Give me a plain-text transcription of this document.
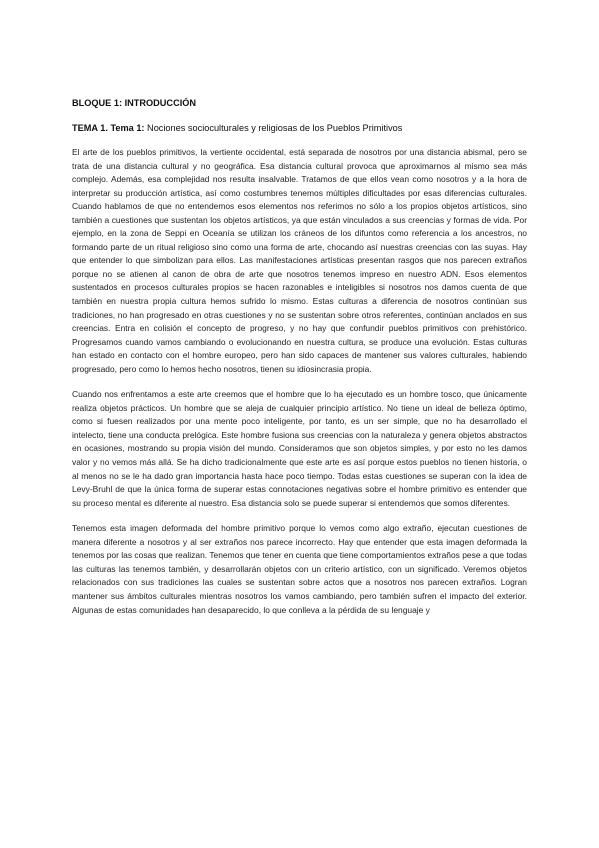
BLOQUE 1: INTRODUCCIÓN

TEMA 1. Tema 1: Nociones socioculturales y religiosas de los Pueblos Primitivos

El arte de los pueblos primitivos, la vertiente occidental, está separada de nosotros por una distancia abismal, pero se trata de una distancia cultural y no geográfica. Esa distancia cultural provoca que aproximarnos al mismo sea más complejo. Además, esa complejidad nos resulta insalvable. Tratamos de que ellos vean como nosotros y a la hora de interpretar su producción artística, así como costumbres tenemos múltiples dificultades por esas diferencias culturales. Cuando hablamos de que no entendemos esos elementos nos referimos no sólo a los propios objetos artísticos, sino también a cuestiones que sustentan los objetos artísticos, ya que están vinculados a sus creencias y formas de vida. Por ejemplo, en la zona de Seppi en Oceanía se utilizan los cráneos de los difuntos como referencia a los ancestros, no formando parte de un ritual religioso sino como una forma de arte, chocando así nuestras creencias con las suyas. Hay que entender lo que simbolizan para ellos. Las manifestaciones artísticas presentan rasgos que nos parecen extraños porque no se atienen al canon de obra de arte que nosotros tenemos impreso en nuestro ADN. Esos elementos sustentados en procesos culturales propios se hacen razonables e inteligibles si nosotros nos damos cuenta de que también en nuestra propia cultura hemos sufrido lo mismo. Estas culturas a diferencia de nosotros continúan sus tradiciones, no han progresado en otras cuestiones y no se sustentan sobre otros referentes, continúan anclados en sus creencias. Entra en colisión el concepto de progreso, y no hay que confundir pueblos primitivos con prehistórico. Progresamos cuando vamos cambiando o evolucionando en nuestra cultura, se produce una evolución. Estas culturas han estado en contacto con el hombre europeo, pero han sido capaces de mantener sus valores culturales, habiendo progresado, pero como lo hemos hecho nosotros, tienen su idiosincrasia propia.

Cuando nos enfrentamos a este arte creemos que el hombre que lo ha ejecutado es un hombre tosco, que únicamente realiza objetos prácticos. Un hombre que se aleja de cualquier principio artístico. No tiene un ideal de belleza óptimo, como si fuesen realizados por una mente poco inteligente, por tanto, es un ser simple, que no ha desarrollado el intelecto, tiene una conducta prelógica. Este hombre fusiona sus creencias con la naturaleza y genera objetos abstractos en ocasiones, mostrando su propia visión del mundo. Consideramos que son objetos simples, y por esto no les damos valor y no vemos más allá. Se ha dicho tradicionalmente que este arte es así porque estos pueblos no tienen historia, o al menos no se le ha dado gran importancia hasta hace poco tiempo. Todas estas cuestiones se superan con la idea de Levy-Bruhl de que la única forma de superar estas connotaciones negativas sobre el hombre primitivo es entender que su proceso mental es diferente al nuestro. Esa distancia solo se puede superar si entendemos que somos diferentes.

Tenemos esta imagen deformada del hombre primitivo porque lo vemos como algo extraño, ejecutan cuestiones de manera diferente a nosotros y al ser extraños nos parece incorrecto. Hay que entender que esta imagen deformada la tenemos por las cosas que realizan. Tenemos que tener en cuenta que tiene comportamientos extraños pese a que todas las culturas las tenemos también, y desarrollarán objetos con un criterio artístico, con un significado. Veremos objetos relacionados con sus tradiciones las cuales se sustentan sobre actos que a nosotros nos parecen extraños. Logran mantener sus ámbitos culturales mientras nosotros los vamos cambiando, pero también sufren el impacto del exterior. Algunas de estas comunidades han desaparecido, lo que conlleva a la pérdida de su lenguaje y
